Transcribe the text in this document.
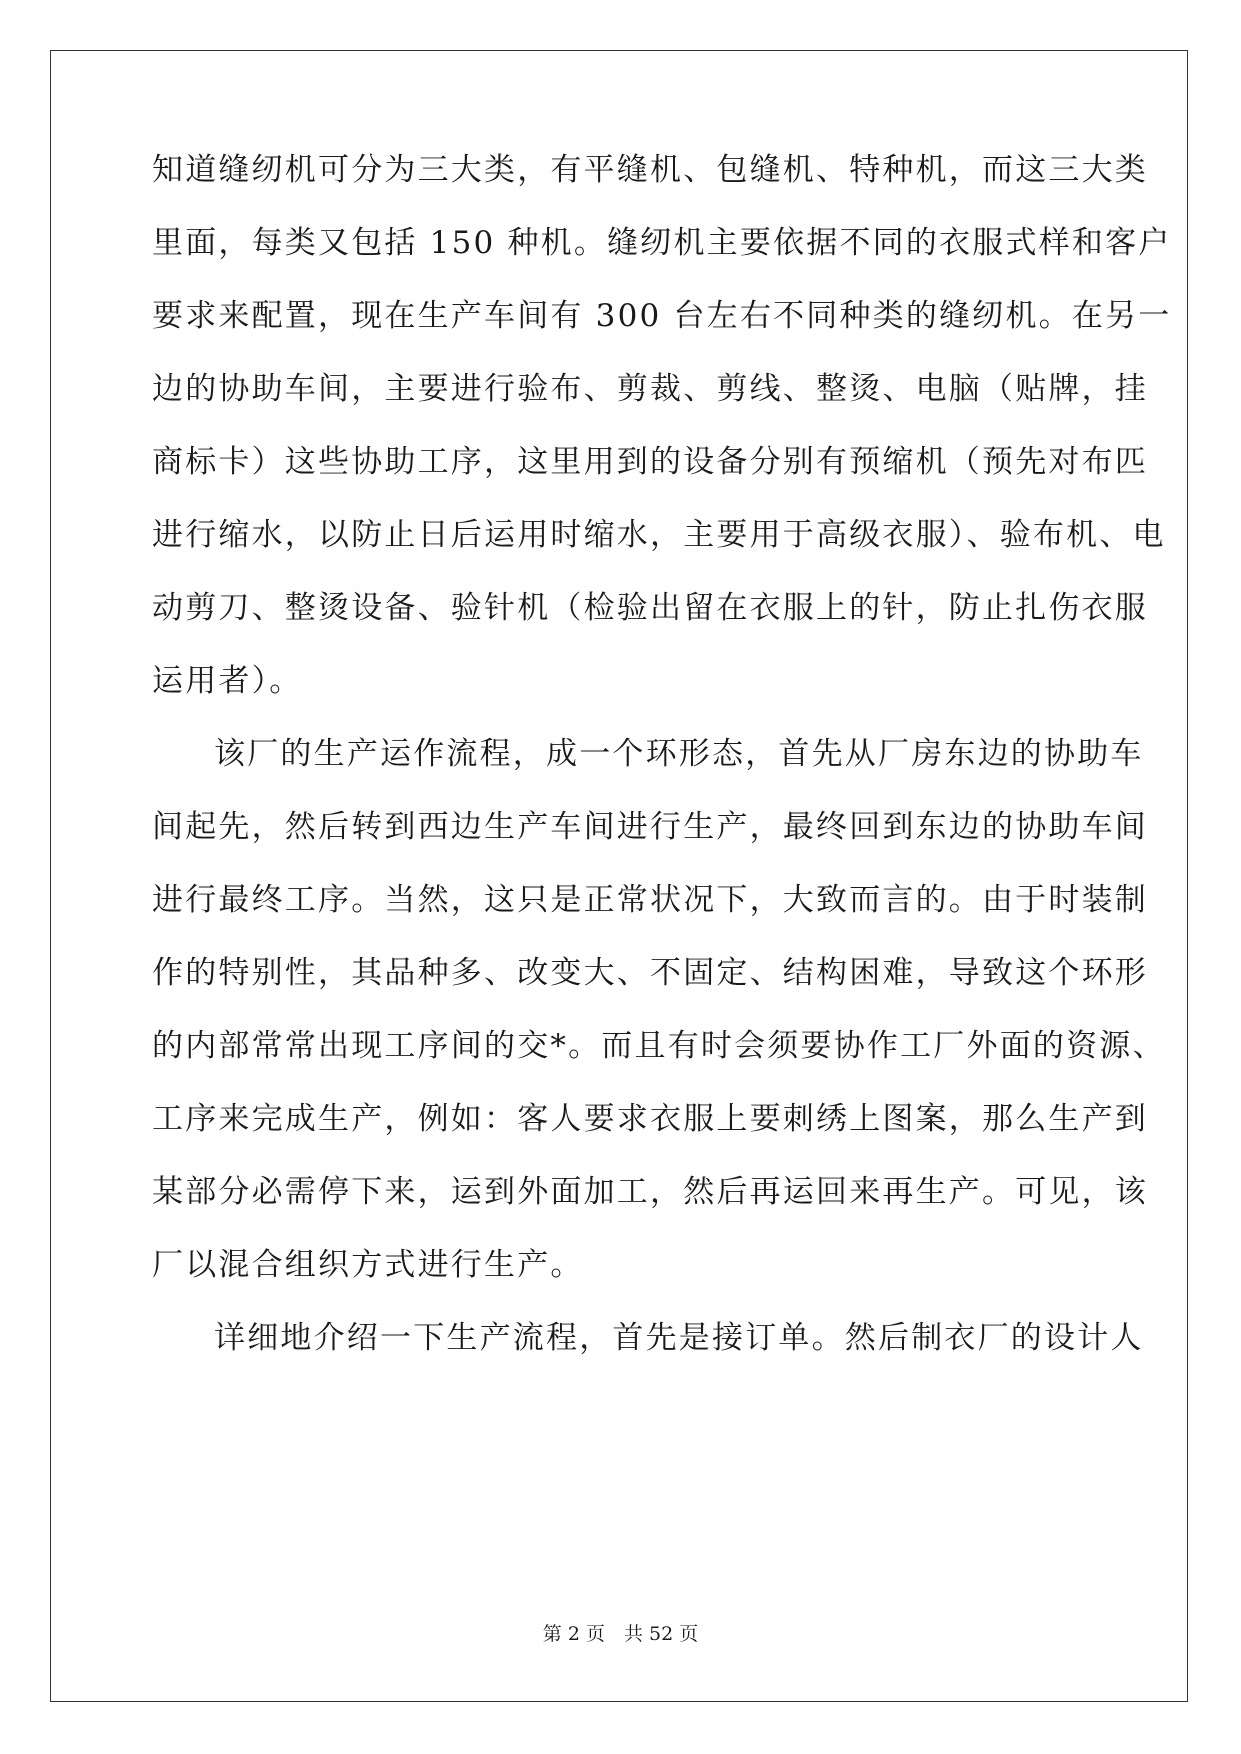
知道缝纫机可分为三大类，有平缝机、包缝机、特种机，而这三大类
里面，每类又包括 150 种机。缝纫机主要依据不同的衣服式样和客户
要求来配置，现在生产车间有 300 台左右不同种类的缝纫机。在另一
边的协助车间，主要进行验布、剪裁、剪线、整烫、电脑（贴牌，挂
商标卡）这些协助工序，这里用到的设备分别有预缩机（预先对布匹
进行缩水，以防止日后运用时缩水，主要用于高级衣服）、验布机、电
动剪刀、整烫设备、验针机（检验出留在衣服上的针，防止扎伤衣服
运用者）。
该厂的生产运作流程，成一个环形态，首先从厂房东边的协助车
间起先，然后转到西边生产车间进行生产，最终回到东边的协助车间
进行最终工序。当然，这只是正常状况下，大致而言的。由于时装制
作的特别性，其品种多、改变大、不固定、结构困难，导致这个环形
的内部常常出现工序间的交*。而且有时会须要协作工厂外面的资源、
工序来完成生产，例如：客人要求衣服上要刺绣上图案，那么生产到
某部分必需停下来，运到外面加工，然后再运回来再生产。可见，该
厂以混合组织方式进行生产。
详细地介绍一下生产流程，首先是接订单。然后制衣厂的设计人
第 2 页　共 52 页
